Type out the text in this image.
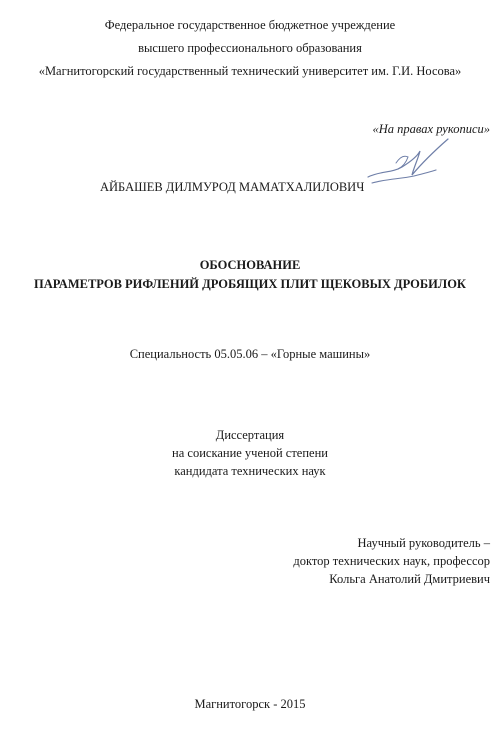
Федеральное государственное бюджетное учреждение
высшего профессионального образования
«Магнитогорский государственный технический университет им. Г.И. Носова»
«На правах рукописи»
АЙБАШЕВ ДИЛМУРОД МАМАТХАЛИЛОВИЧ
ОБОСНОВАНИЕ
ПАРАМЕТРОВ РИФЛЕНИЙ ДРОБЯЩИХ ПЛИТ ЩЕКОВЫХ ДРОБИЛОК
Специальность 05.05.06 – «Горные машины»
Диссертация
на соискание ученой степени
кандидата технических наук
Научный руководитель –
доктор технических наук, профессор
Кольга Анатолий Дмитриевич
Магнитогорск - 2015
